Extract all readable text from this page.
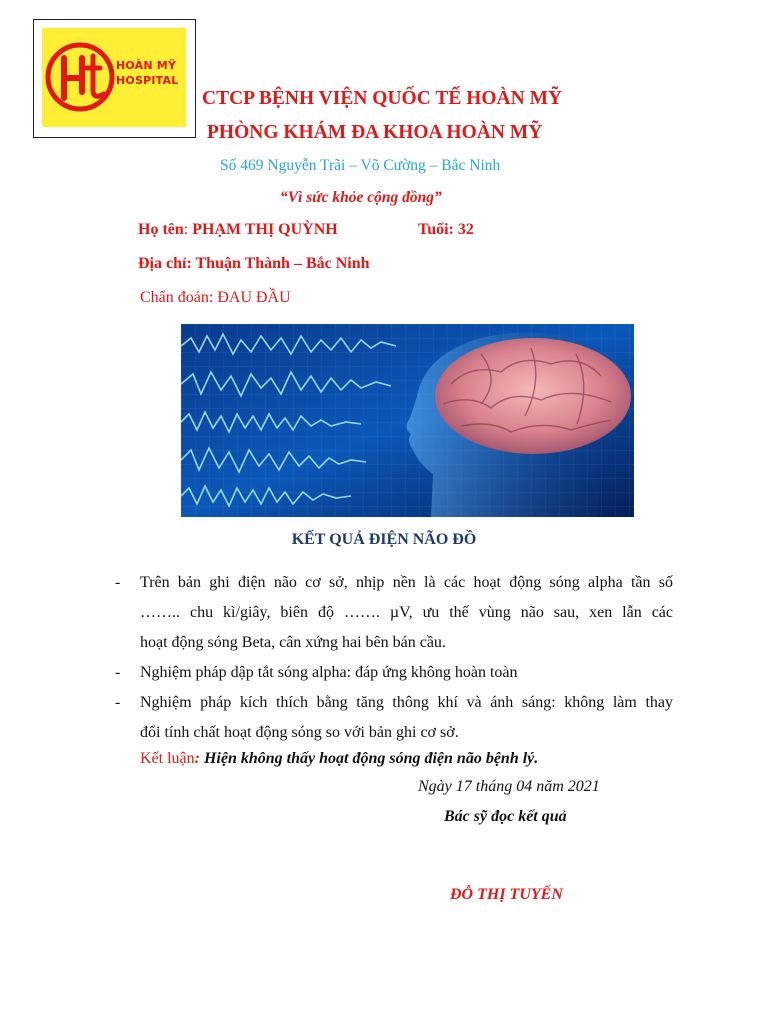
HOÀN MỸ
HOSPITAL
CTCP BỆNH VIỆN QUỐC TẾ HOÀN MỸ
PHÒNG KHÁM ĐA KHOA HOÀN MỸ
Số 469 Nguyễn Trãi – Võ Cường – Bắc Ninh
“Vì sức khỏe cộng đồng”
Họ tên: PHẠM THỊ QUỲNH	Tuổi: 32
Địa chỉ: Thuận Thành – Bắc Ninh
Chẩn đoán: ĐAU ĐẦU
KẾT QUẢ ĐIỆN NÃO ĐỒ
- Trên bản ghi điện não cơ sở, nhịp nền là các hoạt động sóng alpha tần số
…….. chu kì/giây, biên độ ……. µV, ưu thế vùng não sau, xen lẫn các
hoạt động sóng Beta, cân xứng hai bên bán cầu.
- Nghiệm pháp dập tắt sóng alpha: đáp ứng không hoàn toàn
- Nghiệm pháp kích thích bằng tăng thông khí và ánh sáng: không làm thay
đổi tính chất hoạt động sóng so với bản ghi cơ sở.
Kết luận: Hiện không thấy hoạt động sóng điện não bệnh lý.
Ngày 17 tháng 04 năm 2021
Bác sỹ đọc kết quả
ĐỖ THỊ TUYẾN
